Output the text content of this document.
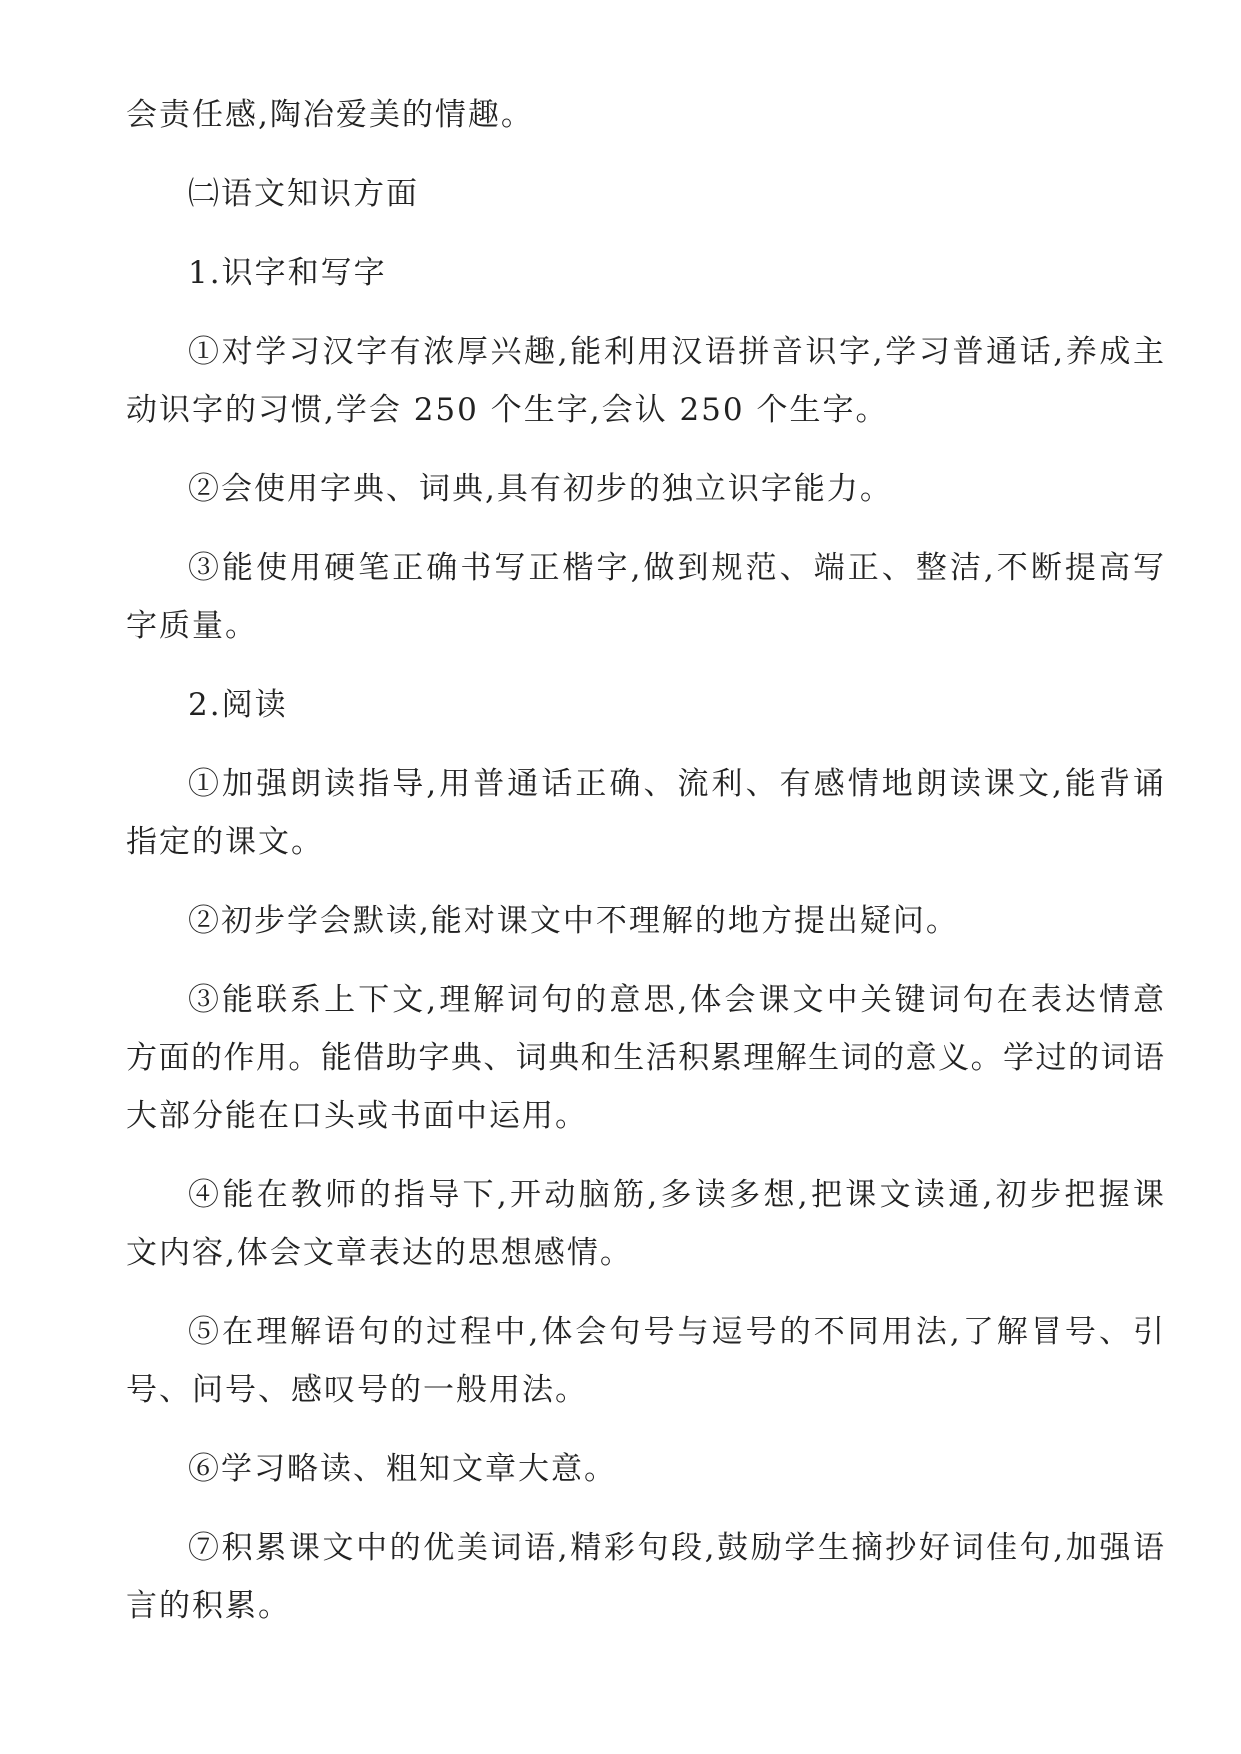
会责任感,陶冶爱美的情趣。
㈡语文知识方面
1.识字和写字
①对学习汉字有浓厚兴趣,能利用汉语拼音识字,学习普通话,养成主
动识字的习惯,学会 250 个生字,会认 250 个生字。
②会使用字典、词典,具有初步的独立识字能力。
③能使用硬笔正确书写正楷字,做到规范、端正、整洁,不断提高写
字质量。
2.阅读
①加强朗读指导,用普通话正确、流利、有感情地朗读课文,能背诵
指定的课文。
②初步学会默读,能对课文中不理解的地方提出疑问。
③能联系上下文,理解词句的意思,体会课文中关键词句在表达情意
方面的作用。能借助字典、词典和生活积累理解生词的意义。学过的词语
大部分能在口头或书面中运用。
④能在教师的指导下,开动脑筋,多读多想,把课文读通,初步把握课
文内容,体会文章表达的思想感情。
⑤在理解语句的过程中,体会句号与逗号的不同用法,了解冒号、引
号、问号、感叹号的一般用法。
⑥学习略读、粗知文章大意。
⑦积累课文中的优美词语,精彩句段,鼓励学生摘抄好词佳句,加强语
言的积累。
